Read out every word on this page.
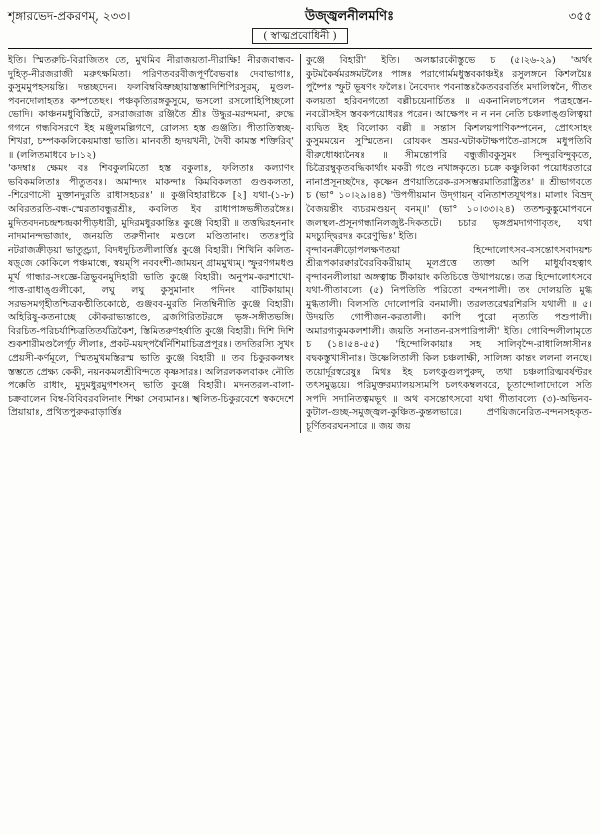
শৃঙ্গারভেদ-প্রকরণম্‌, ২৩৩।	উজ্জ্বলনীলমণিঃ	৩৫৫
( স্বাত্মপ্রবোধিনী )

ইতি। স্মিতরুচি-বিরাজিতং তে, মুখমিব নীরাজয়তা-দীরাক্ষি! নীরজবান্ধব-দুহিতৃ-নীরজরাজী মরুৎক্ষমিতা। পরিণতবরবীজপূর্ণবৈভবাঃ দেবাভাগাঃ, কুসুমমুপহসয়ন্তি। দন্তচ্ছদেন। ফলবিম্ববিভ্রুচ্ছায়াস্তম্ভাদিশিপিরসুরম্, মুণ্ডল-পবনদোলাহতঃ কম্পতেছং। পঞ্চকৃত্যিরঙ্গকুসুমে, ভসলো রসলোহিপিচ্ছলো ভোদি। কাঞ্চনমধুবিস্তিটে, রসরাজরাজ রঞ্জিতৈ শ্রীঃ উদ্ধুর-মরন্দমনা, রুদ্ধে গগনে গন্ধবিসরণে ইহ মঞ্জুলমল্লিগণে, রোলস্য হস্ত গুঞ্জতি। পীতাতিস্বচ্ছ-শিখরা, চম্পককলিকেয়মাত্তা ভাতি। মানবতী হৃদয়খনী, দৈবী কামস্ত শক্তিরিব্‌' ॥ (ললিতমাধবে ৮।১২)

'কদম্বাঃ ক্ষেমং বঃ শিবকুলমিতো হস্ত বকুলাঃ, ফলিতাঃ কল্যাণং ভবিকমলিতাঃ পীতুতবঃ। অমান্দ্যং মাকন্দাঃ কিমবিকলতা গুণ্ডকলতা, -শিরেণাসৌ মুক্তানদুরতি রাধাসহচরঃ' ॥ কুঞ্জবিহারাষ্টকে [২] যথা-(১-৮) অবিরতরতি-বন্ধ-স্মেরতাবন্ধুরশ্রীঃ, কবলিত ইব রাধাপাঙ্গভঙ্গীতরঙ্গৈঃ। মুদিতবদনচন্দ্রশ্চন্দ্রকাপীড়ধারী, মুদিরমধুরকান্তিঃ কুঞ্জে বিহারী ॥ তত্তদ্বিরহননাং নাদমানন্দভাজাং, জনয়তি তরুণীনাং মণ্ডলে মণ্ডিতানাং। ততঃপুরি নটরাজক্রীড়য়া ভাতুণ্ড্র্যা, বিদধদুচিতলীলার্ত্তিঃ কুঞ্জে বিহারী। শিখিনি কলিত-ষড়্‌জে কোকিলে পঞ্চমান্ধে, স্বয়ম্‌পি নববংশী-জাময়ন্‌ গ্রামমুখ্যম্‌। স্ফুরণগমধণ্ড মূর্খ গান্ধার-সংজ্ঞে-ত্রিভুবনমুদিহারী ভাতি কুঞ্জে বিহারী। অনুপম-করশাখো-পাত্ত-রাধাঙ্গুলীকো, লঘু লঘু কুসুমানাং পদিনং বাটিকায়াম্‌। সরভসমগৃহীতশ্চিত্রকণ্ঠীতিকোষ্ঠে, গুঞ্জবব-মুরতি নিতম্বিনীতি কুঞ্জে বিহারী। অহিরিষু-কতনাচ্ছে কৌকরাভ্যন্তাণ্ডে, ব্রজগিরিতটরঙ্গে ভৃঙ্গ-সঙ্গীতভঙ্গি। বিরচিত-পরিচর্যাশ্চিত্রতিতর্যত্রিকৈশ, স্তিমিতরুণহর্ষাতি কুঞ্জে বিহারী। দিশি দিশি শুকশারীমণ্ডলৈর্গূঢ় লীলাঃ, প্রকট-ময়দ্‌পর্ষৈর্নিশিমাচিত্রপ্রপূরঃ। তদতিরস্যি সুখং প্রেয়সী-কর্ণমূলে, স্মিতমুখমস্তিরস্ম ভাতি কুঞ্জে বিহারী ॥ তব চিকুরকলম্বং স্তম্ভতে প্রেক্ষ্য কেকী, নয়নকমলশ্রীবিন্দতে কৃষ্ণসারঃ। অলিরলকলবাকং নৌতি পক্কেতি রাধাং, মুদুমধুরমুগশংসন্‌ ভাতি কুঞ্জে বিহারী। মদনতরল-বালা-চক্রবালেন বিম্ব-বিবিবরবলিনাং শিক্ষা সেব্যমানঃ। স্খলিত-চিকুরবেশে স্বকদেশে প্রিয়ায়াঃ, প্রথিতপুরুকরাড়ার্ত্তিঃ

কুঞ্জে বিহারী' ইতি। অলঙ্কারকৌস্তুভে চ (৫।২৬-২৯) 'অর্থং কুটমকৈর্ষমরঙ্গমটলৈঃ পাঙ্গঃ পরাগোর্মমধুস্তবকাঞ্চইঃ রসুলঙ্গনে কিশলয়ৈঃ পুষ্পৈঃ স্ফুট ভূষণং ফলৈঃ। নৈবেদ্যং পবনাস্তঃকৈতবরবর্তিং মদালিস্বনৈ, গীতং কলয়তা হরিবনগতো বল্লীচয়েনার্চিতঃ ॥ একনানিলচপলেন পত্রহস্তেন-নবরৌসইস স্তবকপয়োধরঃ পরেন। আক্ষেপং ন ন নন নেতি চঞ্চলাঙ্গুলিত্বয়া ব্যদ্বিত ইহ বিলোক্য বল্লী ॥ সন্তাস কিশলয়পাণিকম্পনেন, প্রোৎসাহং কুসুমময়েন সুস্মিতেন। রোযকং ভ্রমর-ঘটাকটাক্ষপাতৈ-রাসঙ্গে মধুপতিবি বীরুধোধ্ব্যনৈষঃ ॥ সীমন্তোপরি বন্ধুজীবকুসুমং সিন্দুরবিন্দুকৃতে, চিত্রৈরম্বুকৃতবদ্ধিকার্থাং মকরী গণ্ডে নখাঙ্গকৃতে। চক্রে কঞ্চুলিকা পয়োধরতারে নানাপ্রসূনচ্ছদৈঃ, কৃষ্ণেন প্রণয়াতিরেক-রসসম্ভরমাতিরাষ্ট্রিতঃ' ॥ শ্রীভাগবতে চ (ভা° ১০।২৯।৪৪) 'উপগীয়মান উদ্‌গায়ন্‌ বনিতাশতযূথপঃ। মালাং বিভ্রদ্‌ বৈজয়ন্তীং ব্যচরমণ্ডয়ন্‌ বনম্‌॥' (ভা° ১০।৩৩।২৪) ততশ্চকুঙ্কুমোপবনে জলস্থল-প্রসূনগন্ধানিলজুষ্ট-দিকতটে। চচার ভৃঙ্গপ্রমদাগণাবৃতং, যথা মদচ্যুদ্দ্বিরদঃ করেণুভিঃ' ইতি।

বৃন্দাবনক্রীড়োপলক্ষণতয়া হিন্দোলোৎসব-বসন্তোৎসবাদয়শ্চ শ্রীরূপকারক্বারবৈরবিকরীয়াম্‌ মূলপ্রত্তে ত্যক্তা অপি মাধুর্যাবহত্বাৎ বৃন্দাবনলীলায়া অঙ্গত্বাচ্চ টীকায়াং কতিচিত্তে উথাপয়ন্তে। তত্র হিন্দোলোৎসবে যথা-গীতাবল্যে (৫) নিপতিতি পরিতো বন্দনপালী। তং দোলয়তি মুগ্ধ মুগ্ধতালী। বিলসতি দোলোপরি বনমালী। তরলতরেশ্বরশিরসি যথালী ॥ ৫। উদয়তি গোপীজন-করতালী। কাপি পুরো নৃত্যতি পশুপালী। অমারগ্যকুমকলশালী। জয়তি সনাতন-রসপারিপালী' ইতি। গোবিন্দলীলামৃতে চ (১৪।৫৪-৫৫) 'হিন্দোলিকায়াঃ সহ সালিবৃন্দৈ-রাধালিঙ্গাসীনঃ বদ্বকস্তুখাসীনাঃ। উষ্ণেলিতালী কিল চঞ্চলাক্ষী, সালিঙ্গ্য কান্তং ললনা লনছে। তয়োর্দূরস্বরেষুঃ মিথঃ ইহ চলৎকুগুলপুরুদ্‌, তথা চঞ্চলারিত্মবর্ষণ্টরং তৎসমুদ্ভয়ে। পরিমুক্তরম্যালয়স্যমপি চলৎকম্বলবরে, চূতান্দোলাদোলে সতি সপদি সদানিতত্বমভূৎ ॥ অথ বসন্তোৎসবো যথা গীতাবল্যে (৩)-অভিনব-কুটাল-গুচ্ছ-সমুজ্জ্বল-কুঞ্চিত-কুন্তলভারে। প্রণয়িজনেরিত-বন্দনসহকৃত-চূর্ণিতবরঘনসারে ॥ জয় জয়
